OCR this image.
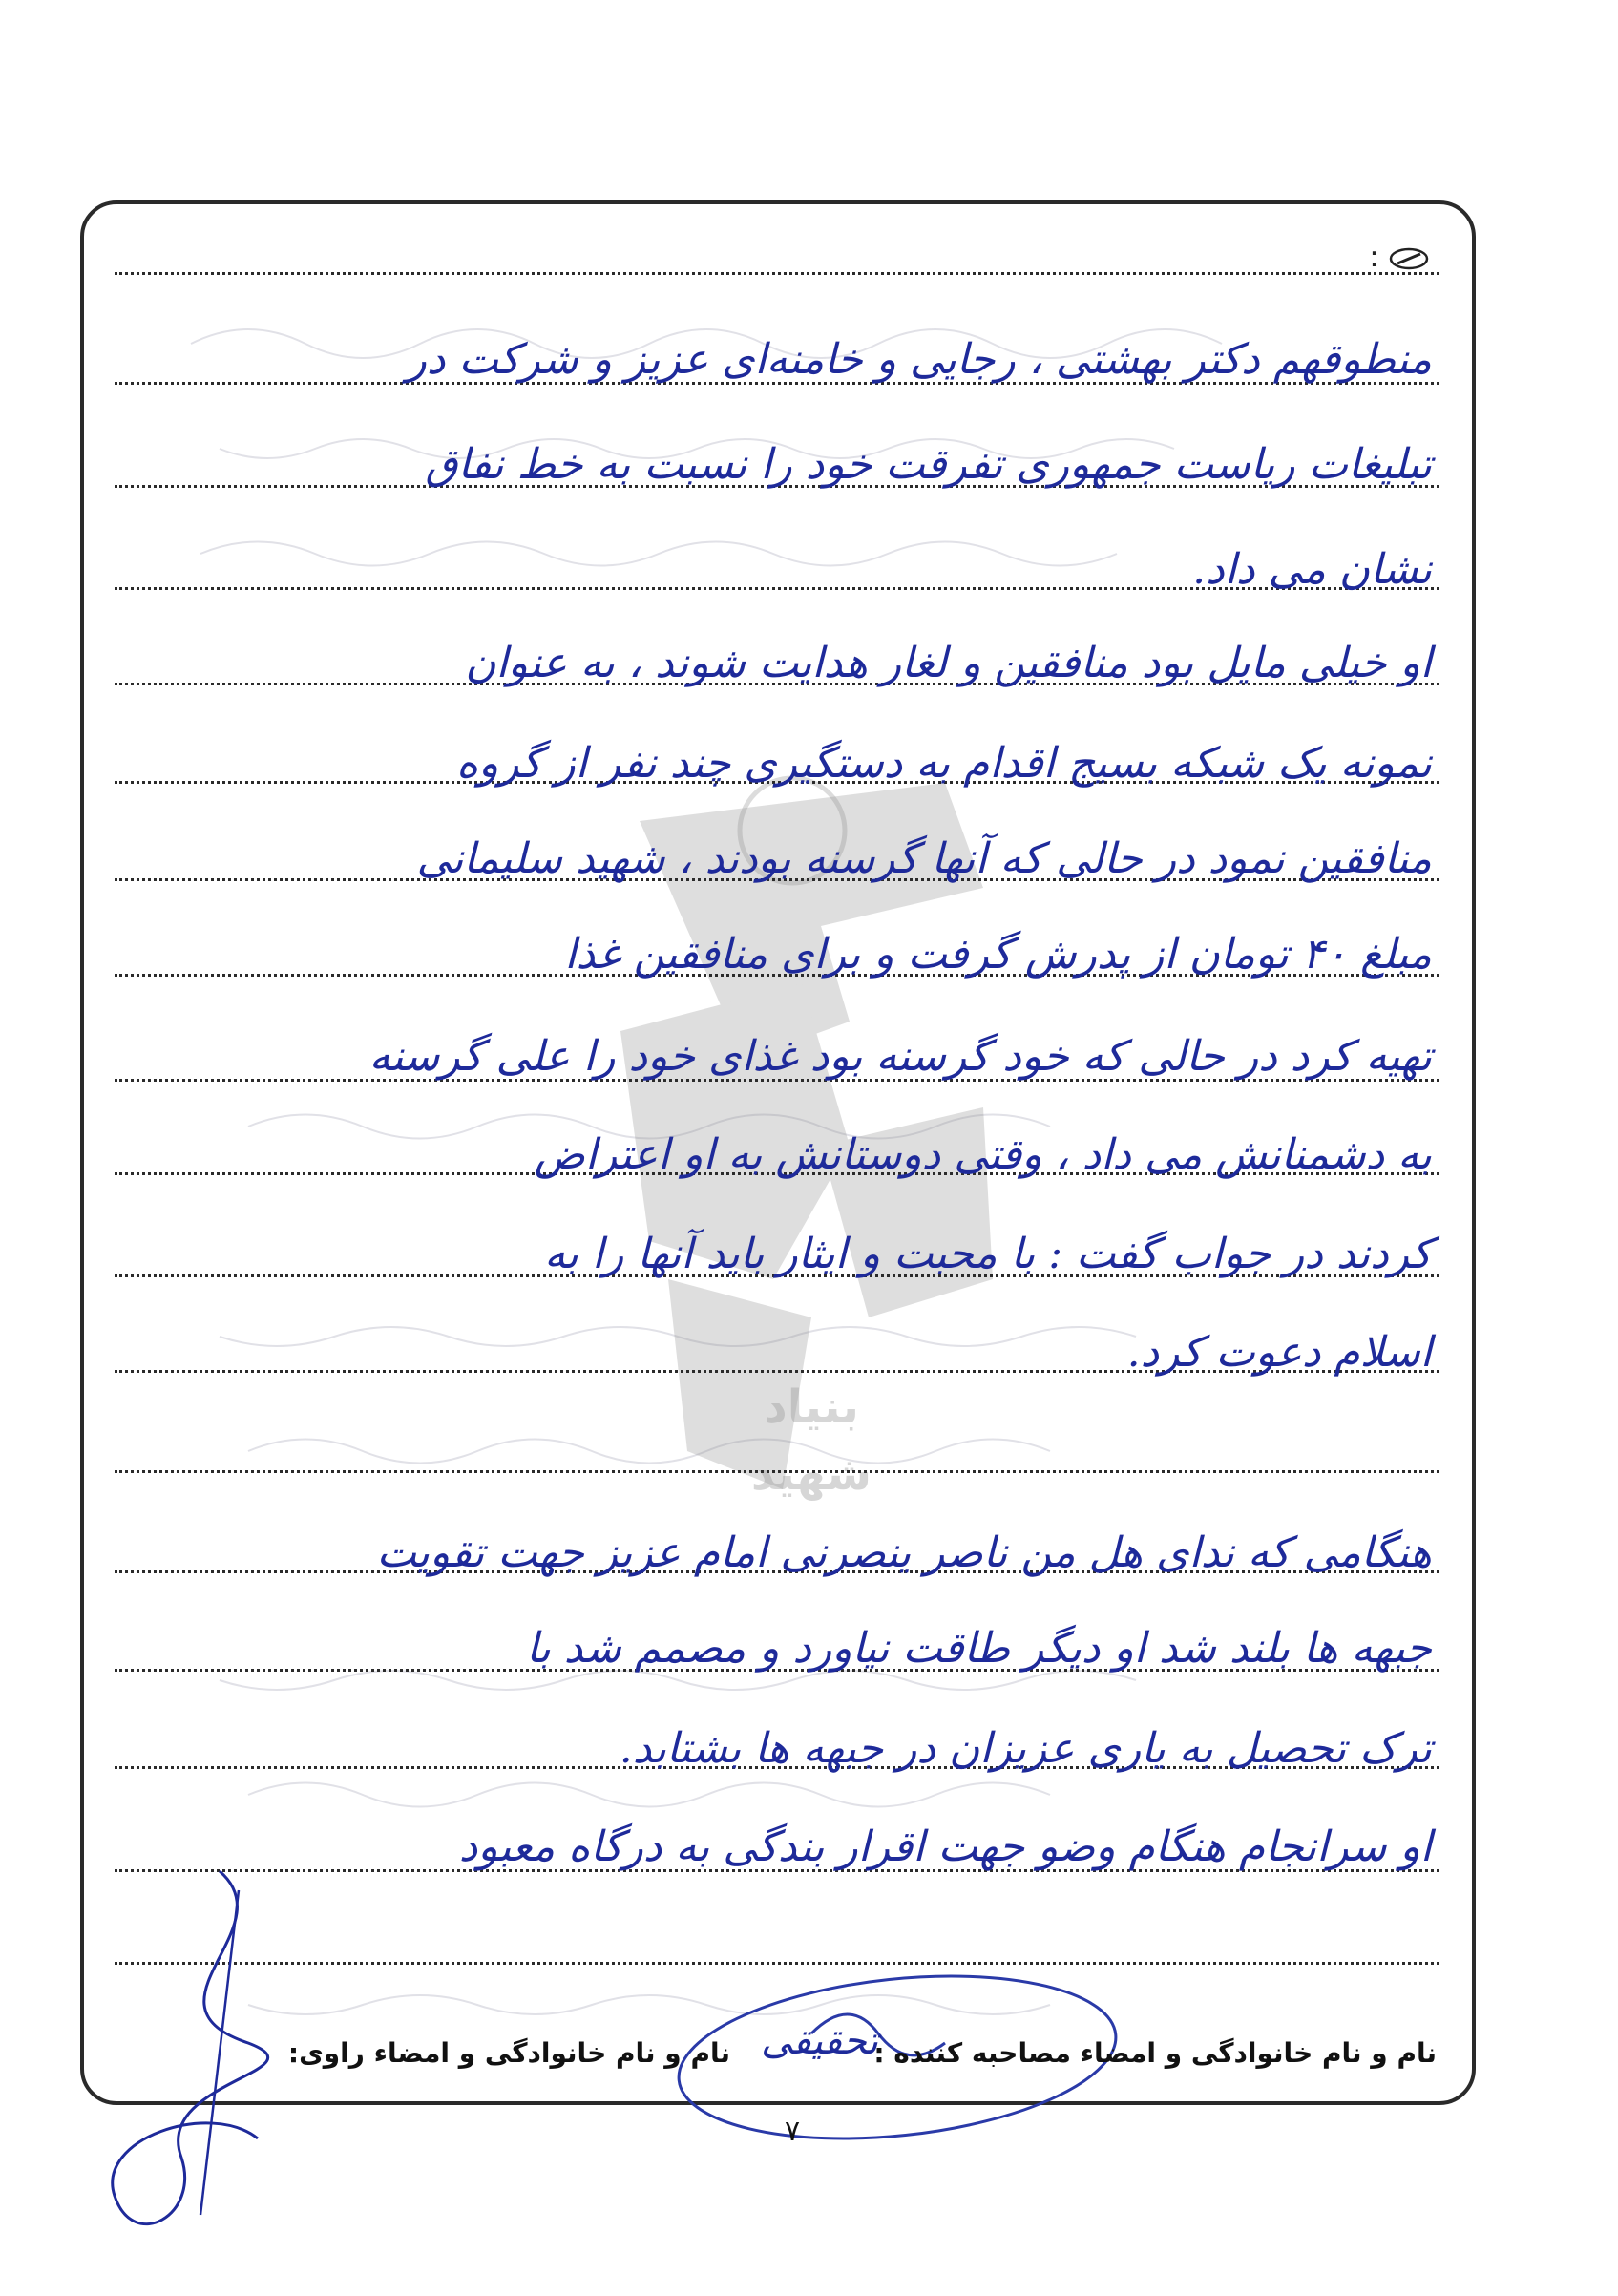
بنیاد
شهید
:
منطوقهم دکتر بهشتی ، رجایی و خامنه‌ای عزیز و شرکت در
تبلیغات ریاست جمهوری تفرقت خود را نسبت به خط نفاق
نشان می داد.
او خیلی مایل بود منافقین و لغار هدایت شوند ، به عنوان
نمونه یک شبکه بسیج اقدام به دستگیری چند نفر از گروه
منافقین نمود در حالی که آنها گرسنه بودند ، شهید سلیمانی
مبلغ ۴۰ تومان از پدرش گرفت و برای منافقین غذا
تهیه کرد در حالی که خود گرسنه بود غذای خود را علی گرسنه
به دشمنانش می داد ، وقتی دوستانش به او اعتراض
کردند در جواب گفت : با محبت و ایثار باید آنها را به
اسلام دعوت کرد.
هنگامی که ندای هل من ناصر ینصرنی امام عزیز جهت تقویت
جبهه ها بلند شد او دیگر طاقت نیاورد و مصمم شد با
ترک تحصیل به یاری عزیزان در جبهه ها بشتابد.
او سرانجام هنگام وضو جهت اقرار بندگی به درگاه معبود
تحقیقی
نام و نام خانوادگی و امضاء مصاحبه کننده :
نام و نام خانوادگی و امضاء راوی:
٧
